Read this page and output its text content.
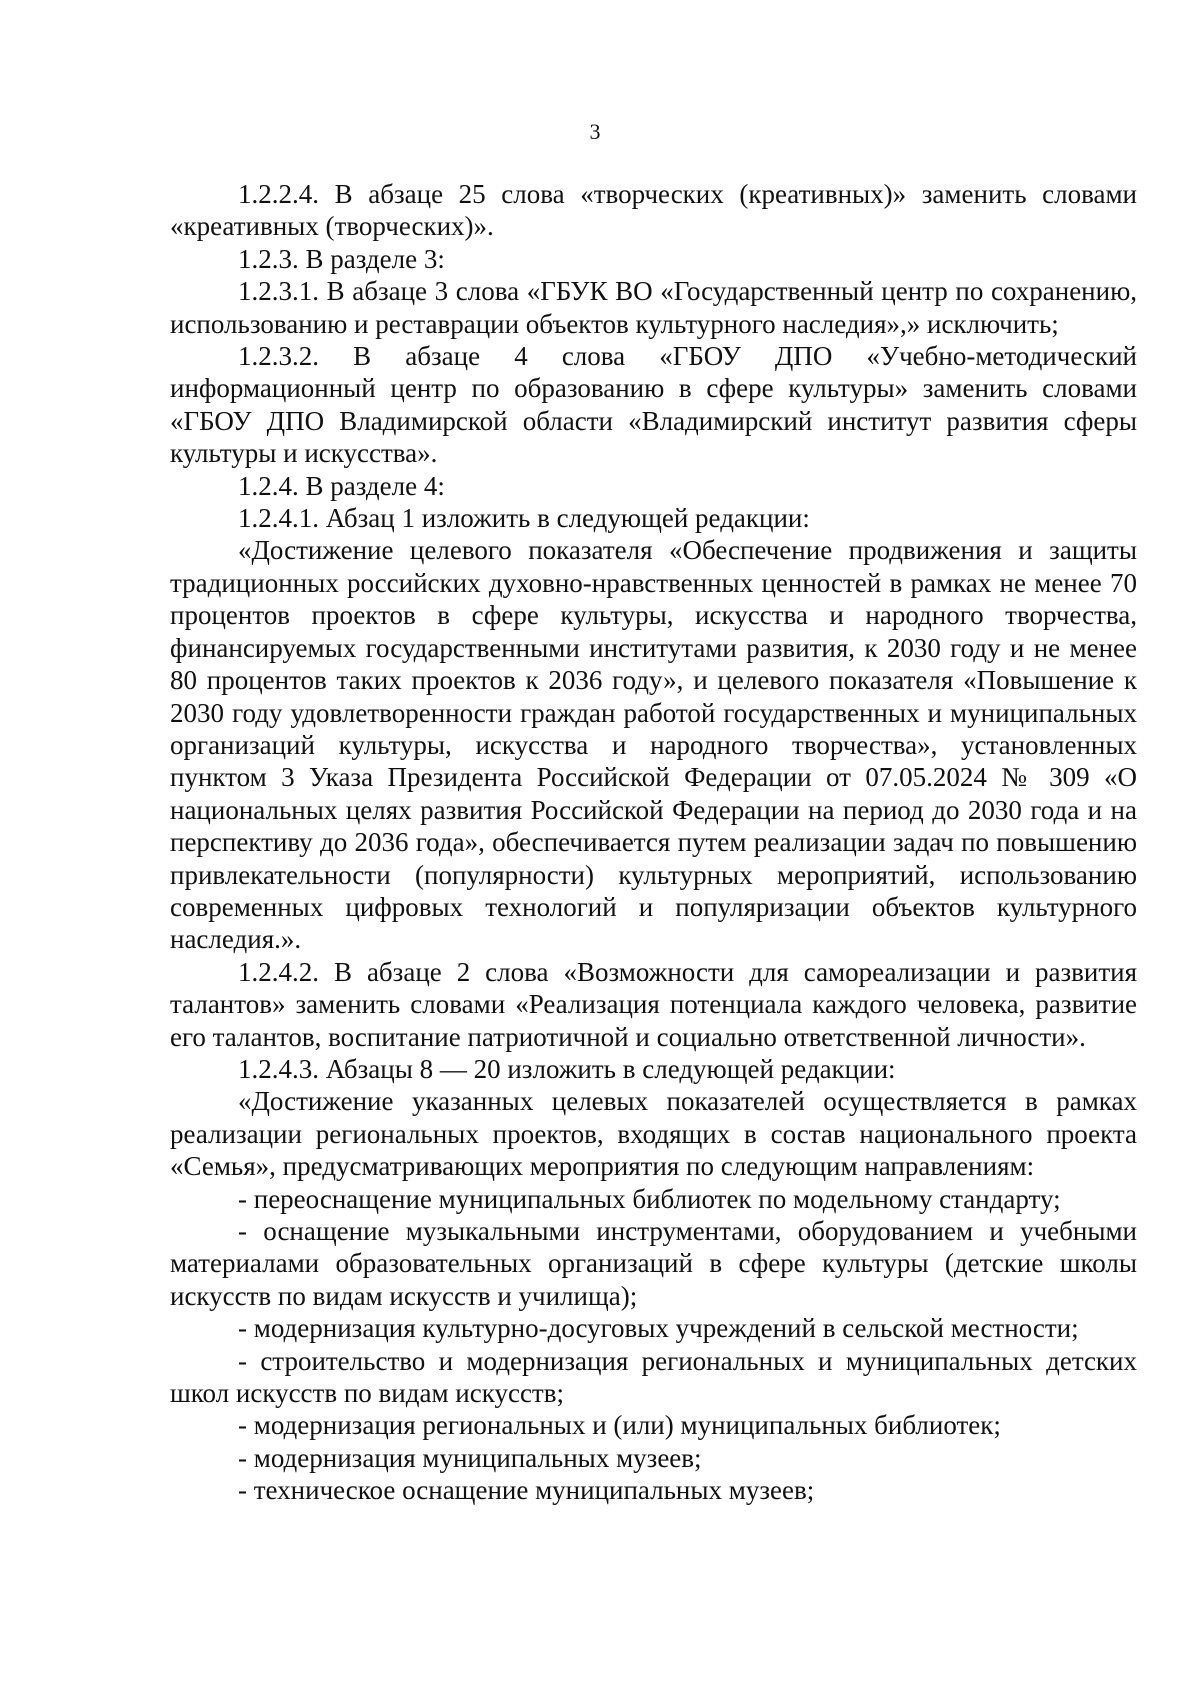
3

1.2.2.4. В абзаце 25 слова «творческих (креативных)» заменить словами «креативных (творческих)».

1.2.3. В разделе 3:

1.2.3.1. В абзаце 3 слова «ГБУК ВО «Государственный центр по сохранению, использованию и реставрации объектов культурного наследия»,» исключить;

1.2.3.2. В абзаце 4 слова «ГБОУ ДПО «Учебно-методический информационный центр по образованию в сфере культуры» заменить словами «ГБОУ ДПО Владимирской области «Владимирский институт развития сферы культуры и искусства».

1.2.4. В разделе 4:

1.2.4.1. Абзац 1 изложить в следующей редакции:

«Достижение целевого показателя «Обеспечение продвижения и защиты традиционных российских духовно-нравственных ценностей в рамках не менее 70 процентов проектов в сфере культуры, искусства и народного творчества, финансируемых государственными институтами развития, к 2030 году и не менее 80 процентов таких проектов к 2036 году», и целевого показателя «Повышение к 2030 году удовлетворенности граждан работой государственных и муниципальных организаций культуры, искусства и народного творчества», установленных пунктом 3 Указа Президента Российской Федерации от 07.05.2024 № 309 «О национальных целях развития Российской Федерации на период до 2030 года и на перспективу до 2036 года», обеспечивается путем реализации задач по повышению привлекательности (популярности) культурных мероприятий, использованию современных цифровых технологий и популяризации объектов культурного наследия.».

1.2.4.2. В абзаце 2 слова «Возможности для самореализации и развития талантов» заменить словами «Реализация потенциала каждого человека, развитие его талантов, воспитание патриотичной и социально ответственной личности».

1.2.4.3. Абзацы 8 — 20 изложить в следующей редакции:

«Достижение указанных целевых показателей осуществляется в рамках реализации региональных проектов, входящих в состав национального проекта «Семья», предусматривающих мероприятия по следующим направлениям:

- переоснащение муниципальных библиотек по модельному стандарту;

- оснащение музыкальными инструментами, оборудованием и учебными материалами образовательных организаций в сфере культуры (детские школы искусств по видам искусств и училища);

- модернизация культурно-досуговых учреждений в сельской местности;

- строительство и модернизация региональных и муниципальных детских школ искусств по видам искусств;

- модернизация региональных и (или) муниципальных библиотек;

- модернизация муниципальных музеев;

- техническое оснащение муниципальных музеев;
